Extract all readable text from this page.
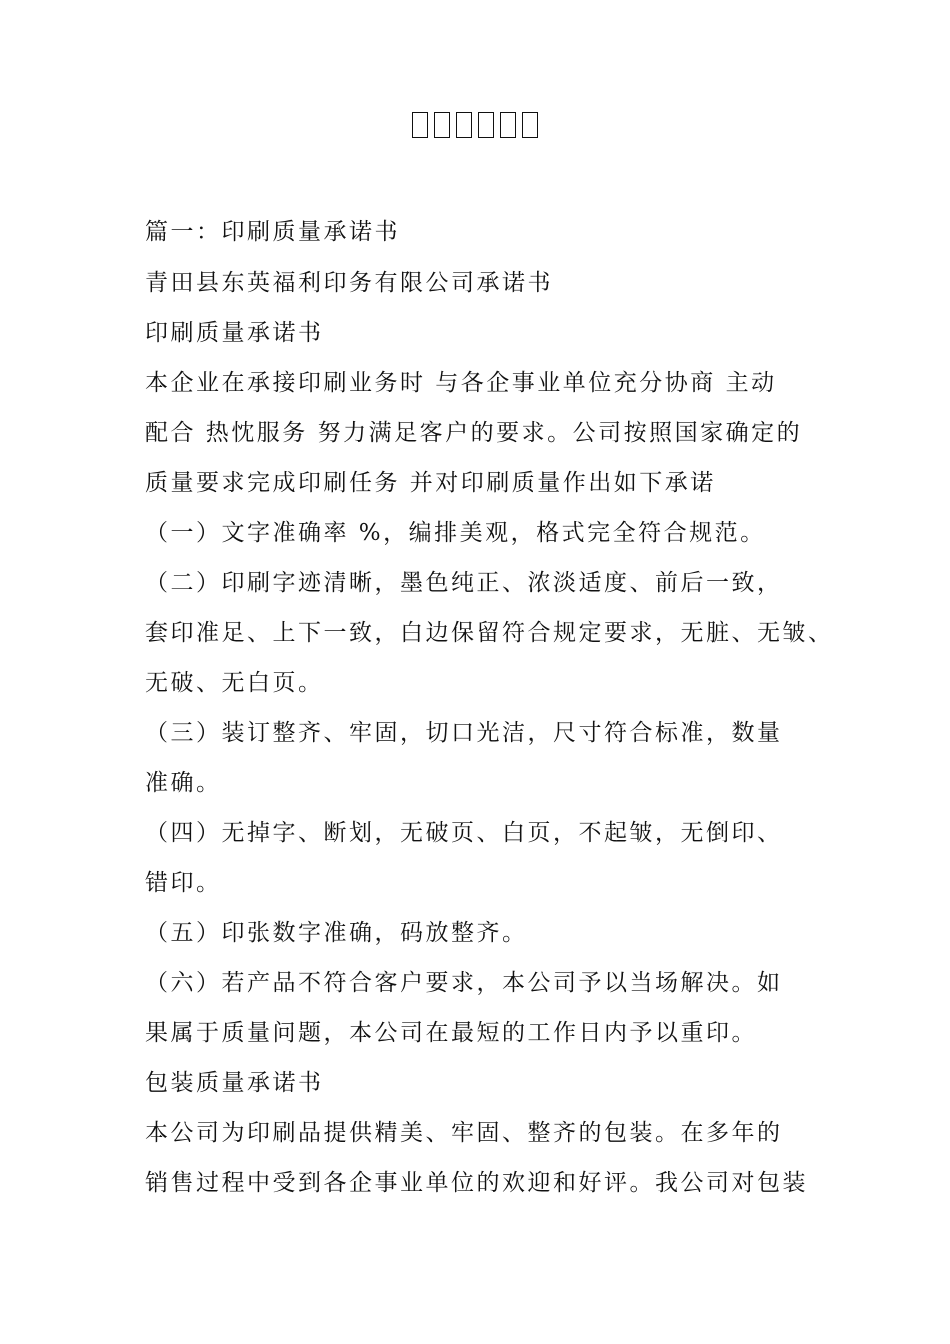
篇一：印刷质量承诺书
青田县东英福利印务有限公司承诺书
印刷质量承诺书
本企业在承接印刷业务时 与各企事业单位充分协商 主动
配合 热忱服务 努力满足客户的要求。公司按照国家确定的
质量要求完成印刷任务 并对印刷质量作出如下承诺
（一）文字准确率 %，编排美观，格式完全符合规范。
（二）印刷字迹清晰，墨色纯正、浓淡适度、前后一致，
套印准足、上下一致，白边保留符合规定要求，无脏、无皱、
无破、无白页。
（三）装订整齐、牢固，切口光洁，尺寸符合标准，数量
准确。
（四）无掉字、断划，无破页、白页，不起皱，无倒印、
错印。
（五）印张数字准确，码放整齐。
（六）若产品不符合客户要求，本公司予以当场解决。如
果属于质量问题，本公司在最短的工作日内予以重印。
包装质量承诺书
本公司为印刷品提供精美、牢固、整齐的包装。在多年的
销售过程中受到各企事业单位的欢迎和好评。我公司对包装
